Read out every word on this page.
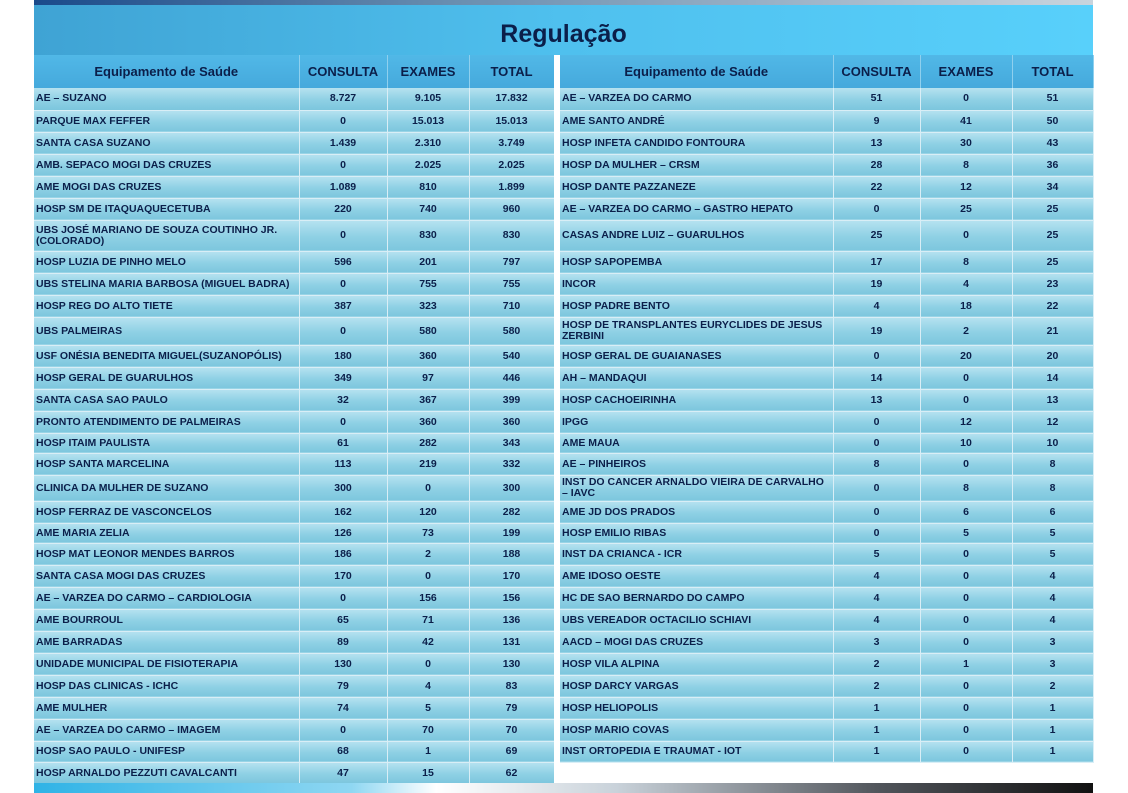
Regulação
Equipamento de Saúde	CONSULTA	EXAMES	TOTAL
AE – SUZANO	8.727	9.105	17.832
PARQUE MAX FEFFER	0	15.013	15.013
SANTA CASA SUZANO	1.439	2.310	3.749
AMB. SEPACO MOGI DAS CRUZES	0	2.025	2.025
AME MOGI DAS CRUZES	1.089	810	1.899
HOSP SM DE ITAQUAQUECETUBA	220	740	960
UBS JOSÉ MARIANO DE SOUZA COUTINHO JR.(COLORADO)	0	830	830
HOSP LUZIA DE PINHO MELO	596	201	797
UBS STELINA MARIA BARBOSA (MIGUEL BADRA)	0	755	755
HOSP REG DO ALTO TIETE	387	323	710
UBS PALMEIRAS	0	580	580
USF ONÉSIA BENEDITA MIGUEL(SUZANOPÓLIS)	180	360	540
HOSP GERAL DE GUARULHOS	349	97	446
SANTA CASA SAO PAULO	32	367	399
PRONTO ATENDIMENTO DE PALMEIRAS	0	360	360
HOSP ITAIM PAULISTA	61	282	343
HOSP SANTA MARCELINA	113	219	332
CLINICA DA MULHER DE SUZANO	300	0	300
HOSP FERRAZ DE VASCONCELOS	162	120	282
AME MARIA ZELIA	126	73	199
HOSP MAT LEONOR MENDES BARROS	186	2	188
SANTA CASA MOGI DAS CRUZES	170	0	170
AE – VARZEA DO CARMO – CARDIOLOGIA	0	156	156
AME BOURROUL	65	71	136
AME BARRADAS	89	42	131
UNIDADE MUNICIPAL DE FISIOTERAPIA	130	0	130
HOSP DAS CLINICAS - ICHC	79	4	83
AME MULHER	74	5	79
AE – VARZEA DO CARMO – IMAGEM	0	70	70
HOSP SAO PAULO - UNIFESP	68	1	69
HOSP ARNALDO PEZZUTI CAVALCANTI	47	15	62
Equipamento de Saúde	CONSULTA	EXAMES	TOTAL
AE – VARZEA DO CARMO	51	0	51
AME SANTO ANDRÉ	9	41	50
HOSP INFETA CANDIDO FONTOURA	13	30	43
HOSP DA MULHER – CRSM	28	8	36
HOSP DANTE PAZZANEZE	22	12	34
AE – VARZEA DO CARMO – GASTRO HEPATO	0	25	25
CASAS ANDRE LUIZ – GUARULHOS	25	0	25
HOSP SAPOPEMBA	17	8	25
INCOR	19	4	23
HOSP PADRE BENTO	4	18	22
HOSP DE TRANSPLANTES EURYCLIDES DE JESUS ZERBINI	19	2	21
HOSP GERAL DE GUAIANASES	0	20	20
AH – MANDAQUI	14	0	14
HOSP CACHOEIRINHA	13	0	13
IPGG	0	12	12
AME MAUA	0	10	10
AE – PINHEIROS	8	0	8
INST DO CANCER ARNALDO VIEIRA DE CARVALHO – IAVC	0	8	8
AME JD DOS PRADOS	0	6	6
HOSP EMILIO RIBAS	0	5	5
INST DA CRIANCA - ICR	5	0	5
AME IDOSO OESTE	4	0	4
HC DE SAO BERNARDO DO CAMPO	4	0	4
UBS VEREADOR OCTACILIO SCHIAVI	4	0	4
AACD – MOGI DAS CRUZES	3	0	3
HOSP VILA ALPINA	2	1	3
HOSP DARCY VARGAS	2	0	2
HOSP HELIOPOLIS	1	0	1
HOSP MARIO COVAS	1	0	1
INST ORTOPEDIA E TRAUMAT - IOT	1	0	1
